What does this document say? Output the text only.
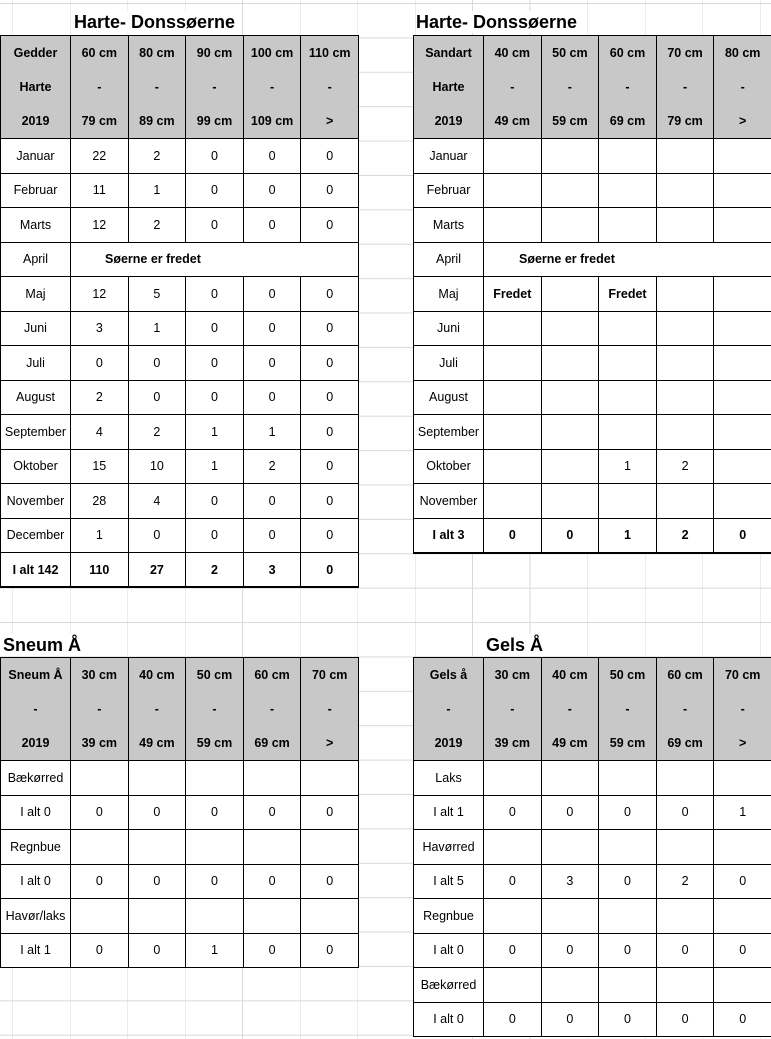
Harte- Donssøerne
Gedder	60 cm	80 cm	90 cm	100 cm	110 cm
Harte	-	-	-	-	-
2019	79 cm	89 cm	99 cm	109 cm	>
Januar	22	2	0	0	0
Februar	11	1	0	0	0
Marts	12	2	0	0	0
April	Søerne er fredet				
Maj	12	5	0	0	0
Juni	3	1	0	0	0
Juli	0	0	0	0	0
August	2	0	0	0	0
September	4	2	1	1	0
Oktober	15	10	1	2	0
November	28	4	0	0	0
December	1	0	0	0	0
I alt 142	110	27	2	3	0
Harte- Donssøerne
Sandart	40 cm	50 cm	60 cm	70 cm	80 cm
Harte	-	-	-	-	-
2019	49 cm	59 cm	69 cm	79 cm	>
Januar					
Februar					
Marts					
April	Søerne er fredet				
Maj	Fredet		Fredet		
Juni					
Juli					
August					
September					
Oktober			1	2	
November					
I alt 3	0	0	1	2	0
Sneum Å
Sneum Å	30 cm	40 cm	50 cm	60 cm	70 cm
-	-	-	-	-	-
2019	39 cm	49 cm	59 cm	69 cm	>
Bækørred					
I alt 0	0	0	0	0	0
Regnbue					
I alt 0	0	0	0	0	0
Havør/laks					
I alt 1	0	0	1	0	0
Gels Å
Gels å	30 cm	40 cm	50 cm	60 cm	70 cm
-	-	-	-	-	-
2019	39 cm	49 cm	59 cm	69 cm	>
Laks					
I alt 1	0	0	0	0	1
Havørred					
I alt 5	0	3	0	2	0
Regnbue					
I alt 0	0	0	0	0	0
Bækørred					
I alt 0	0	0	0	0	0
